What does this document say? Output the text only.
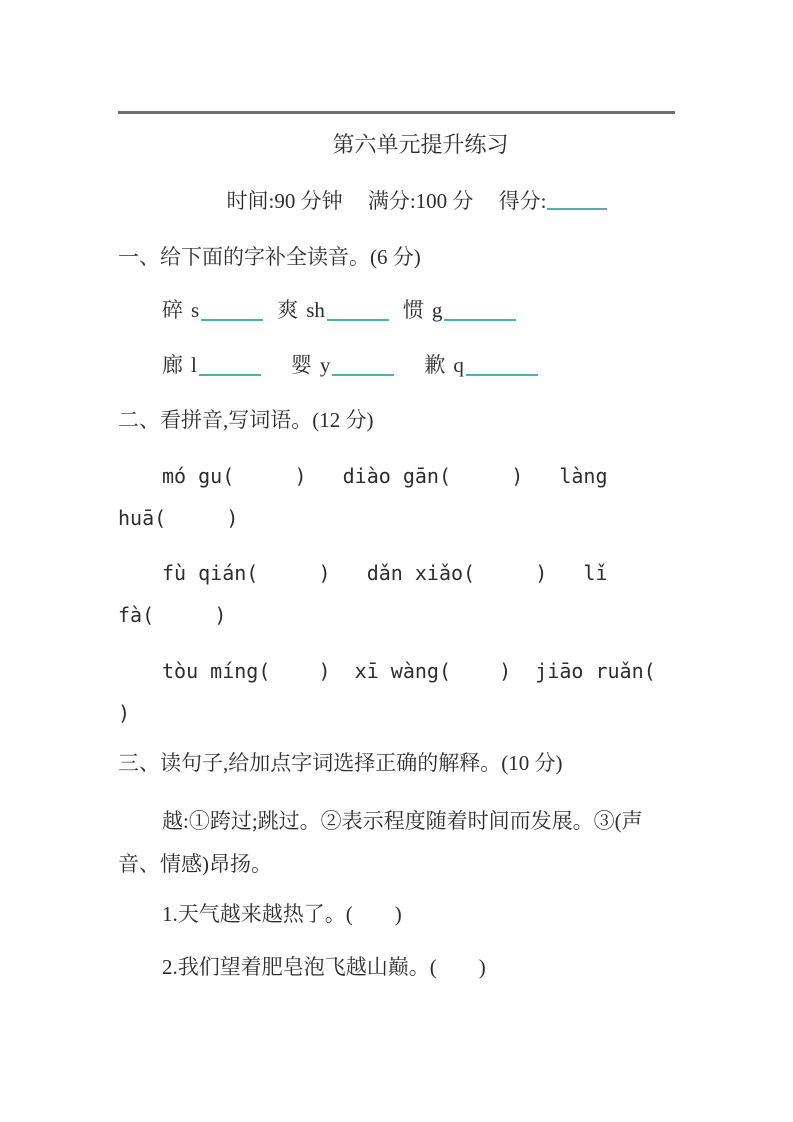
第六单元提升练习
时间:90 分钟 满分:100 分 得分:
一、给下面的字补全读音。(6 分)
碎 s	爽 sh	惯 g
廊 l	婴 y	歉 q
二、看拼音,写词语。(12 分)
mó gu(     )   diào gān(     )   làng
huā(     )
fù qián(     )   dǎn xiǎo(     )   lǐ
fà(     )
tòu míng(    )  xī wàng(    )  jiāo ruǎn(
)
三、读句子,给加点字词选择正确的解释。(10 分)
越:①跨过;跳过。②表示程度随着时间而发展。③(声
音、情感)昂扬。
1.天气越来越热了。(　　)
2.我们望着肥皂泡飞越山巅。(　　)
